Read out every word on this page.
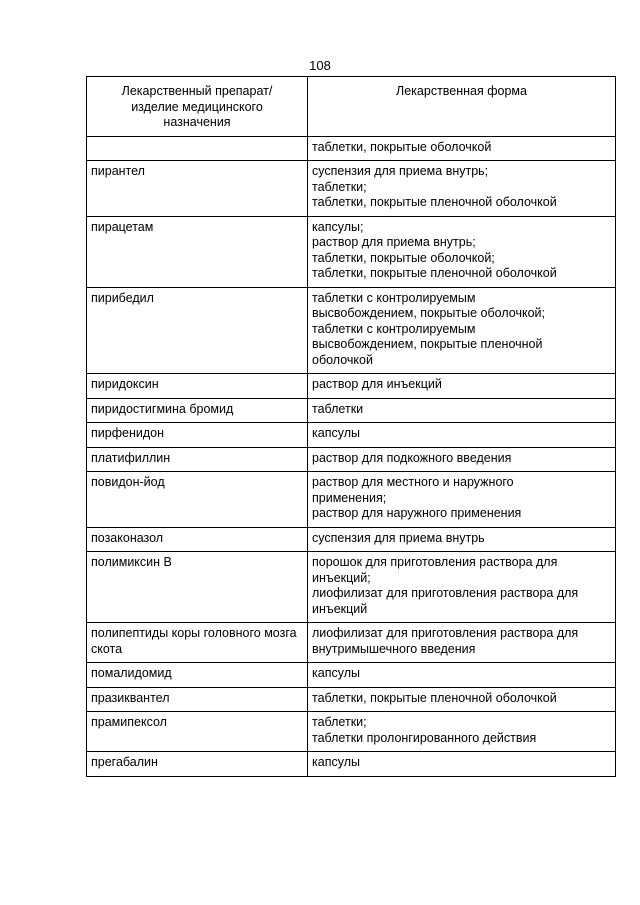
108
Лекарственный препарат/
изделие медицинского
назначения	Лекарственная форма

	таблетки, покрытые оболочкой

пирантел	суспензия для приема внутрь;
таблетки;
таблетки, покрытые пленочной оболочкой

пирацетам	капсулы;
раствор для приема внутрь;
таблетки, покрытые оболочкой;
таблетки, покрытые пленочной оболочкой

пирибедил	таблетки с контролируемым
высвобождением, покрытые оболочкой;
таблетки с контролируемым
высвобождением, покрытые пленочной
оболочкой

пиридоксин	раствор для инъекций

пиридостигмина бромид	таблетки

пирфенидон	капсулы

платифиллин	раствор для подкожного введения

повидон-йод	раствор для местного и наружного
применения;
раствор для наружного применения

позаконазол	суспензия для приема внутрь

полимиксин В	порошок для приготовления раствора для
инъекций;
лиофилизат для приготовления раствора для
инъекций

полипептиды коры головного мозга скота	лиофилизат для приготовления раствора для
внутримышечного введения

помалидомид	капсулы

празиквантел	таблетки, покрытые пленочной оболочкой

прамипексол	таблетки;
таблетки пролонгированного действия

прегабалин	капсулы
